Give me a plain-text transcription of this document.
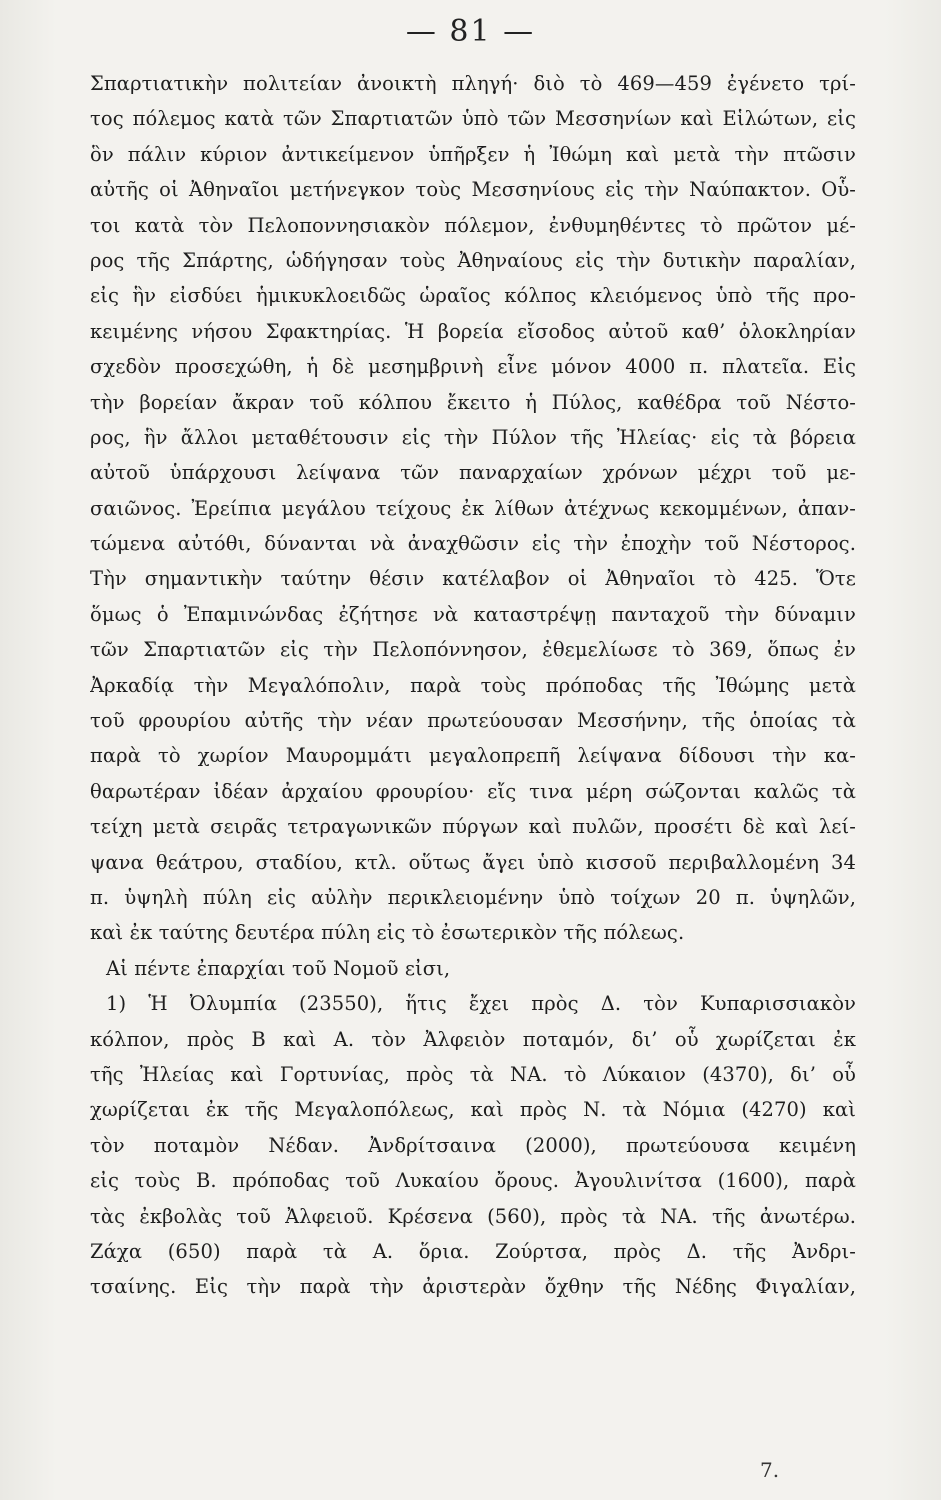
— 81 —
Σπαρτιατικὴν πολιτείαν ἀνοικτὴ πληγή· διὸ τὸ 469—459 ἐγένετο τρί-
τος πόλεμος κατὰ τῶν Σπαρτιατῶν ὑπὸ τῶν Μεσσηνίων καὶ Εἱλώτων, εἰς
ὃν πάλιν κύριον ἀντικείμενον ὑπῆρξεν ἡ Ἰθώμη καὶ μετὰ τὴν πτῶσιν
αὐτῆς οἱ Ἀθηναῖοι μετήνεγκον τοὺς Μεσσηνίους εἰς τὴν Ναύπακτον. Οὗ-
τοι κατὰ τὸν Πελοποννησιακὸν πόλεμον, ἐνθυμηθέντες τὸ πρῶτον μέ-
ρος τῆς Σπάρτης, ὡδήγησαν τοὺς Ἀθηναίους εἰς τὴν δυτικὴν παραλίαν,
εἰς ἣν εἰσδύει ἡμικυκλοειδῶς ὡραῖος κόλπος κλειόμενος ὑπὸ τῆς προ-
κειμένης νήσου Σφακτηρίας. Ἡ βορεία εἴσοδος αὐτοῦ καθ’ ὁλοκληρίαν
σχεδὸν προσεχώθη, ἡ δὲ μεσημβρινὴ εἶνε μόνον 4000 π. πλατεῖα. Εἰς
τὴν βορείαν ἄκραν τοῦ κόλπου ἔκειτο ἡ Πύλος, καθέδρα τοῦ Νέστο-
ρος, ἣν ἄλλοι μεταθέτουσιν εἰς τὴν Πύλον τῆς Ἠλείας· εἰς τὰ βόρεια
αὐτοῦ ὑπάρχουσι λείψανα τῶν παναρχαίων χρόνων μέχρι τοῦ με-
σαιῶνος. Ἐρείπια μεγάλου τείχους ἐκ λίθων ἀτέχνως κεκομμένων, ἀπαν-
τώμενα αὐτόθι, δύνανται νὰ ἀναχθῶσιν εἰς τὴν ἐποχὴν τοῦ Νέστορος.
Τὴν σημαντικὴν ταύτην θέσιν κατέλαβον οἱ Ἀθηναῖοι τὸ 425. Ὅτε
ὅμως ὁ Ἐπαμινώνδας ἐζήτησε νὰ καταστρέψῃ πανταχοῦ τὴν δύναμιν
τῶν Σπαρτιατῶν εἰς τὴν Πελοπόννησον, ἐθεμελίωσε τὸ 369, ὅπως ἐν
Ἀρκαδίᾳ τὴν Μεγαλόπολιν, παρὰ τοὺς πρόποδας τῆς Ἰθώμης μετὰ
τοῦ φρουρίου αὐτῆς τὴν νέαν πρωτεύουσαν Μεσσήνην, τῆς ὁποίας τὰ
παρὰ τὸ χωρίον Μαυρομμάτι μεγαλοπρεπῆ λείψανα δίδουσι τὴν κα-
θαρωτέραν ἰδέαν ἀρχαίου φρουρίου· εἴς τινα μέρη σώζονται καλῶς τὰ
τείχη μετὰ σειρᾶς τετραγωνικῶν πύργων καὶ πυλῶν, προσέτι δὲ καὶ λεί-
ψανα θεάτρου, σταδίου, κτλ. οὕτως ἄγει ὑπὸ κισσοῦ περιβαλλομένη 34
π. ὑψηλὴ πύλη εἰς αὐλὴν περικλειομένην ὑπὸ τοίχων 20 π. ὑψηλῶν,
καὶ ἐκ ταύτης δευτέρα πύλη εἰς τὸ ἐσωτερικὸν τῆς πόλεως.
Αἱ πέντε ἐπαρχίαι τοῦ Νομοῦ εἰσι,
1) Ἡ Ὀλυμπία (23550), ἥτις ἔχει πρὸς Δ. τὸν Κυπαρισσιακὸν
κόλπον, πρὸς Β καὶ Α. τὸν Ἀλφειὸν ποταμόν, δι’ οὗ χωρίζεται ἐκ
τῆς Ἠλείας καὶ Γορτυνίας, πρὸς τὰ ΝΑ. τὸ Λύκαιον (4370), δι’ οὗ
χωρίζεται ἐκ τῆς Μεγαλοπόλεως, καὶ πρὸς Ν. τὰ Νόμια (4270) καὶ
τὸν ποταμὸν Νέδαν. Ἀνδρίτσαινα (2000), πρωτεύουσα κειμένη
εἰς τοὺς Β. πρόποδας τοῦ Λυκαίου ὄρους. Ἀγουλινίτσα (1600), παρὰ
τὰς ἐκβολὰς τοῦ Ἀλφειοῦ. Κρέσενα (560), πρὸς τὰ ΝΑ. τῆς ἀνωτέρω.
Ζάχα (650) παρὰ τὰ Α. ὅρια. Ζούρτσα, πρὸς Δ. τῆς Ἀνδρι-
τσαίνης. Εἰς τὴν παρὰ τὴν ἀριστερὰν ὄχθην τῆς Νέδης Φιγαλίαν,
7.
